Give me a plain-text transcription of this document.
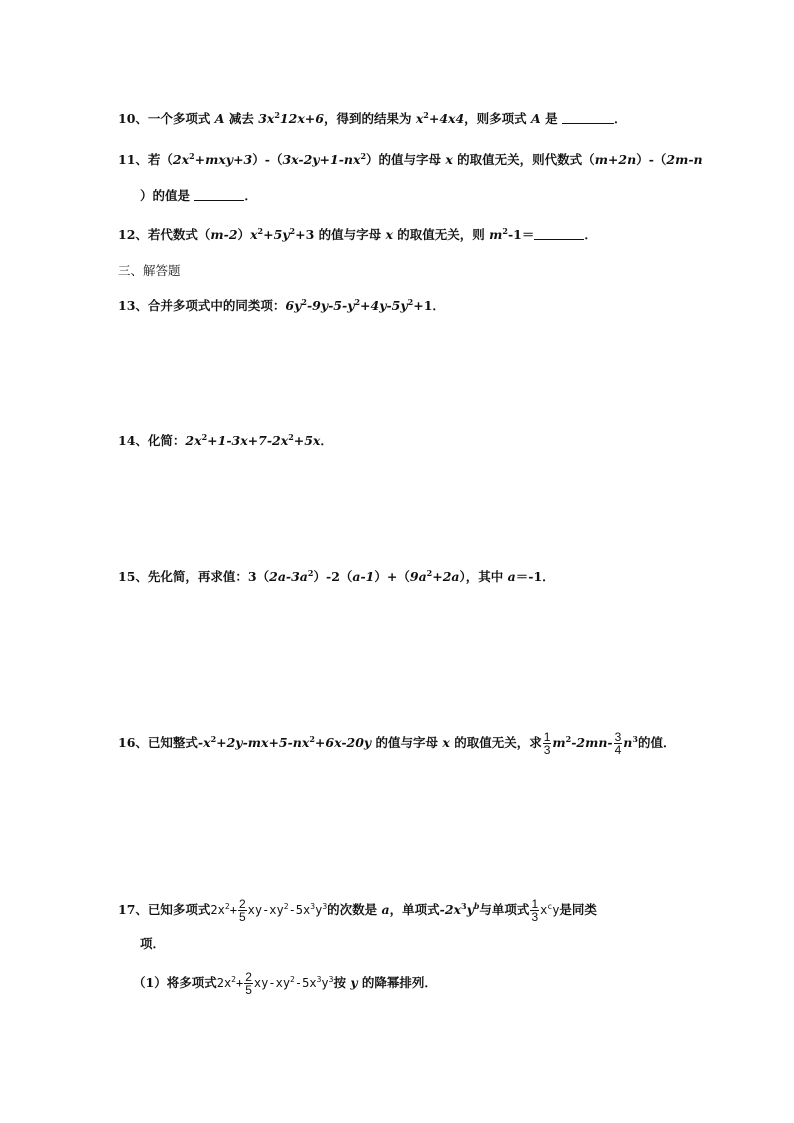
10、一个多项式 A 减去 $3x^212x+6$，得到的结果为 $x^2+4x4$，则多项式 A 是	．
11、若$(2x^2+mxy+3)-(3x-2y+1-nx^2)$的值与字母 x 的取值无关，则代数式（m+2n）-（2m-n
）的值是	．
12、若代数式$(m-2)x^2+5y^2+3$ 的值与字母 x 的取值无关，则 $m^2-1=$	．
三、解答题
13、合并多项式中的同类项：$6y^2-9y-5-y^2+4y-5y^2+1$．
14、化简：$2x^2+1-3x+7-2x^2+5x$．
15、先化简，再求值：$3(2a-3a^2)-2(a-1)+(9a^2+2a)$，其中 a＝-1．
16、已知整式$-x^2+2y-mx+5-nx^2+6x-20y$ 的值与字母 x 的取值无关，求 $\frac{1}{3} m^2-2mn- \frac{3}{4} n^3$的值．
17、已知多项式$2x^2+ \frac{2}{5} xy-xy^2-5x^3y^3$的次数是 a，单项式$-2x^3y^b$与单项式 $\frac{1}{3} x^cy$是同类
项．
（1）将多项式$2x^2+ \frac{2}{5} xy-xy^2-5x^3y^3$按 y 的降幂排列．
